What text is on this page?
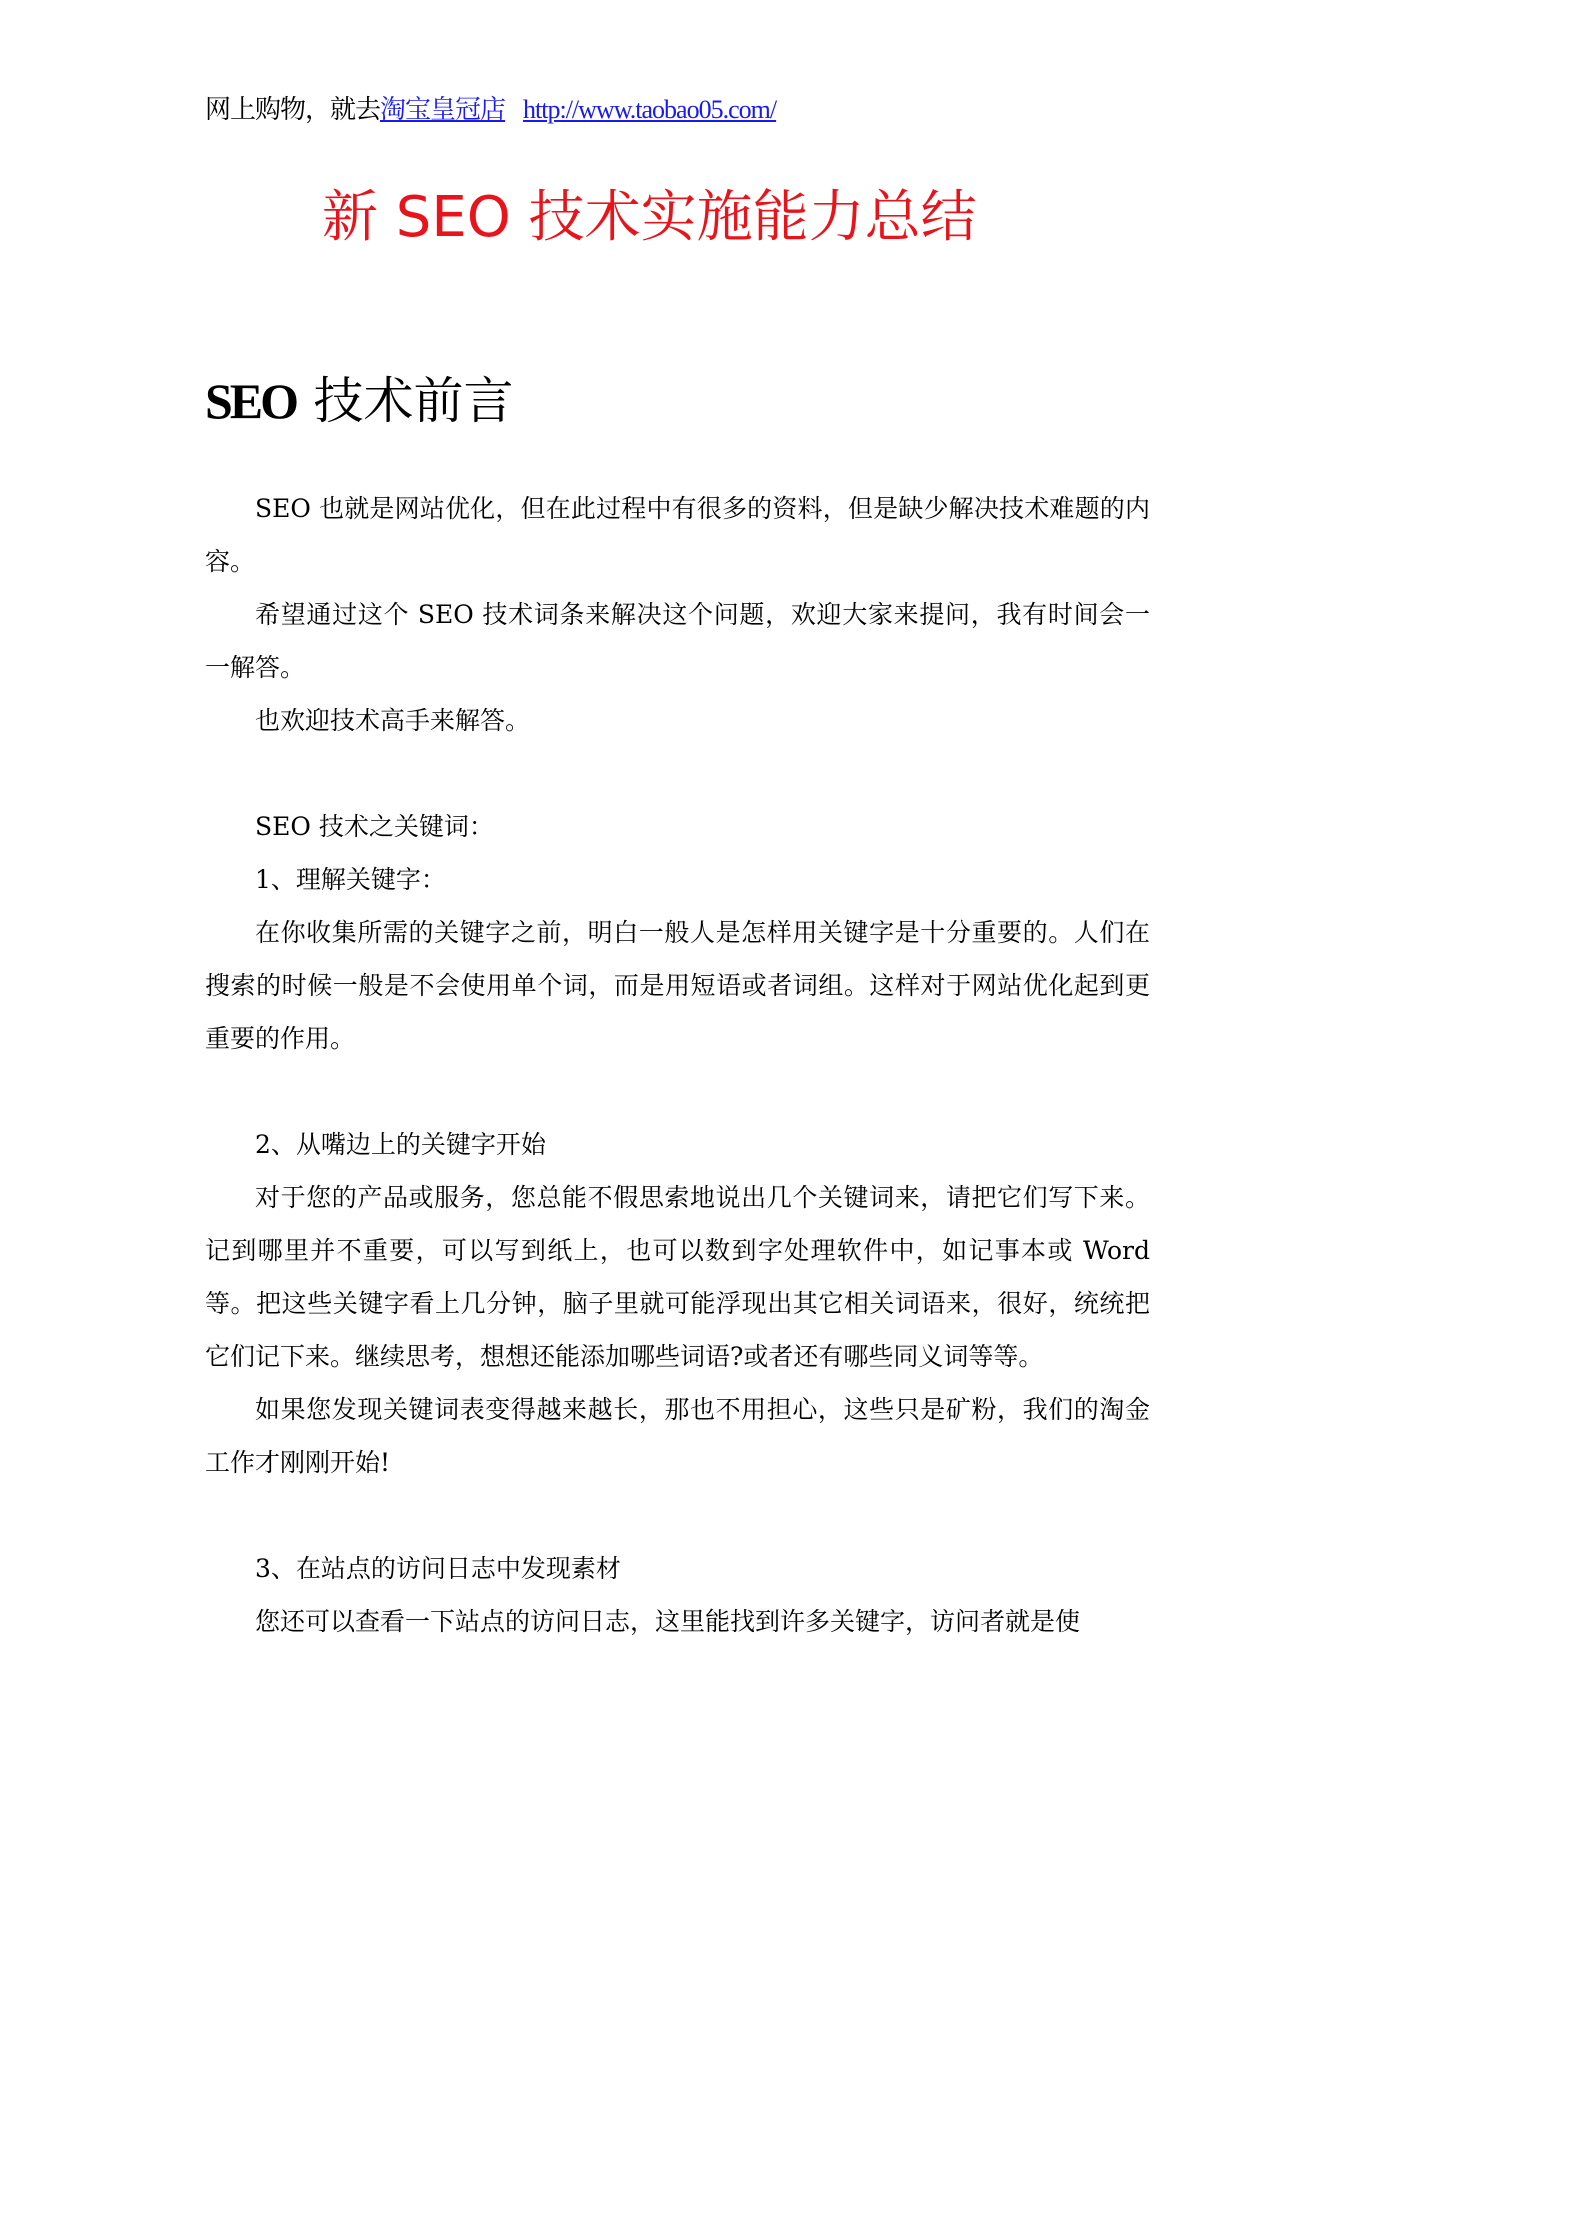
网上购物，就去淘宝皇冠店 http://www.taobao05.com/
新 SEO 技术实施能力总结
SEO 技术前言

SEO 也就是网站优化，但在此过程中有很多的资料，但是缺少解决技术难题的内容。

希望通过这个 SEO 技术词条来解决这个问题，欢迎大家来提问，我有时间会一一解答。

也欢迎技术高手来解答。

SEO 技术之关键词：

1、理解关键字：

在你收集所需的关键字之前，明白一般人是怎样用关键字是十分重要的。人们在搜索的时候一般是不会使用单个词，而是用短语或者词组。这样对于网站优化起到更重要的作用。

2、从嘴边上的关键字开始

对于您的产品或服务，您总能不假思索地说出几个关键词来，请把它们写下来。记到哪里并不重要，可以写到纸上，也可以数到字处理软件中，如记事本或 Word 等。把这些关键字看上几分钟，脑子里就可能浮现出其它相关词语来，很好，统统把它们记下来。继续思考，想想还能添加哪些词语?或者还有哪些同义词等等。

如果您发现关键词表变得越来越长，那也不用担心，这些只是矿粉，我们的淘金工作才刚刚开始!

3、在站点的访问日志中发现素材

您还可以查看一下站点的访问日志，这里能找到许多关键字，访问者就是使
